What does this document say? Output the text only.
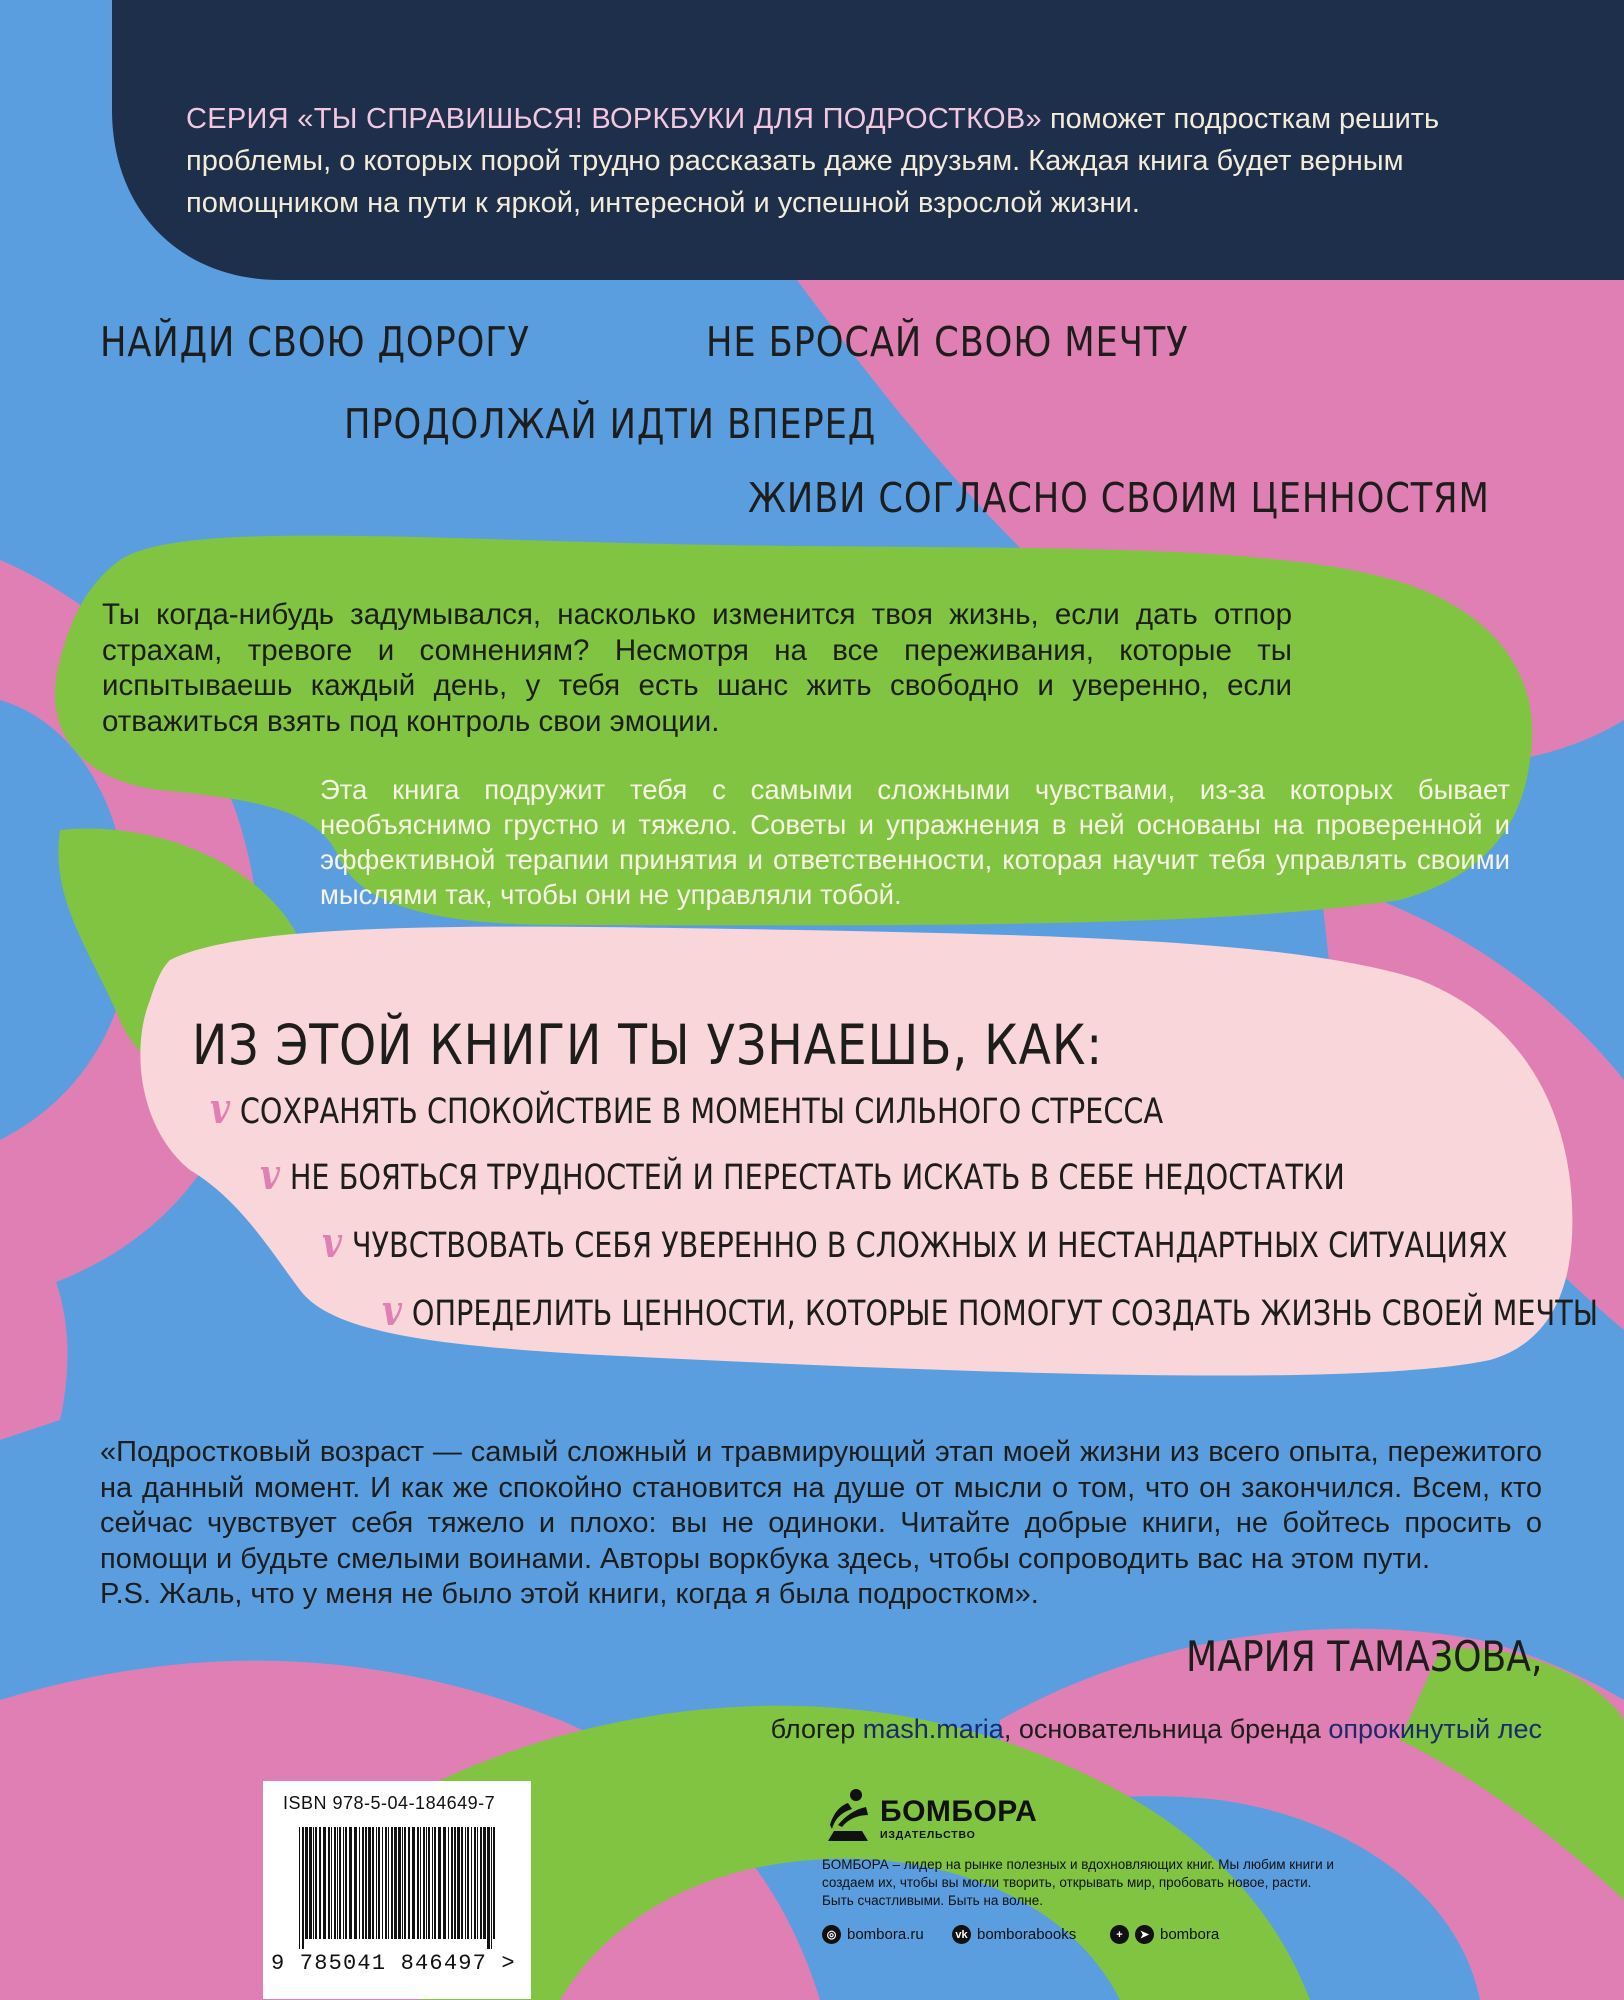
СЕРИЯ «ТЫ СПРАВИШЬСЯ! ВОРКБУКИ ДЛЯ ПОДРОСТКОВ» поможет подросткам решить проблемы, о которых порой трудно рассказать даже друзьям. Каждая книга будет верным помощником на пути к яркой, интересной и успешной взрослой жизни.
НАЙДИ СВОЮ ДОРОГУ	НЕ БРОСАЙ СВОЮ МЕЧТУ
ПРОДОЛЖАЙ ИДТИ ВПЕРЕД
ЖИВИ СОГЛАСНО СВОИМ ЦЕННОСТЯМ
Ты когда-нибудь задумывался, насколько изменится твоя жизнь, если дать отпор страхам, тревоге и сомнениям? Несмотря на все переживания, которые ты испытываешь каждый день, у тебя есть шанс жить свободно и уверенно, если отважиться взять под контроль свои эмоции.
Эта книга подружит тебя с самыми сложными чувствами, из-за которых бывает необъяснимо грустно и тяжело. Советы и упражнения в ней основаны на проверенной и эффективной терапии принятия и ответственности, которая научит тебя управлять своими мыслями так, чтобы они не управляли тобой.
ИЗ ЭТОЙ КНИГИ ТЫ УЗНАЕШЬ, КАК:
v СОХРАНЯТЬ СПОКОЙСТВИЕ В МОМЕНТЫ СИЛЬНОГО СТРЕССА
v НЕ БОЯТЬСЯ ТРУДНОСТЕЙ И ПЕРЕСТАТЬ ИСКАТЬ В СЕБЕ НЕДОСТАТКИ
v ЧУВСТВОВАТЬ СЕБЯ УВЕРЕННО В СЛОЖНЫХ И НЕСТАНДАРТНЫХ СИТУАЦИЯХ
v ОПРЕДЕЛИТЬ ЦЕННОСТИ, КОТОРЫЕ ПОМОГУТ СОЗДАТЬ ЖИЗНЬ СВОЕЙ МЕЧТЫ
«Подростковый возраст — самый сложный и травмирующий этап моей жизни из всего опыта, пережитого на данный момент. И как же спокойно становится на душе от мысли о том, что он закончился. Всем, кто сейчас чувствует себя тяжело и плохо: вы не одиноки. Читайте добрые книги, не бойтесь просить о помощи и будьте смелыми воинами. Авторы воркбука здесь, чтобы сопроводить вас на этом пути.
P.S. Жаль, что у меня не было этой книги, когда я была подростком».
МАРИЯ ТАМАЗОВА,
блогер mash.maria, основательница бренда опрокинутый лес
ISBN 978-5-04-184649-7
9 785041 846497 >
БОМБОРА
ИЗДАТЕЛЬСТВО
БОМБОРА – лидер на рынке полезных и вдохновляющих книг. Мы любим книги и создаем их, чтобы вы могли творить, открывать мир, пробовать новое, расти. Быть счастливыми. Быть на волне.
◎ bombora.ru	vk bomborabooks	+	➤ bombora
